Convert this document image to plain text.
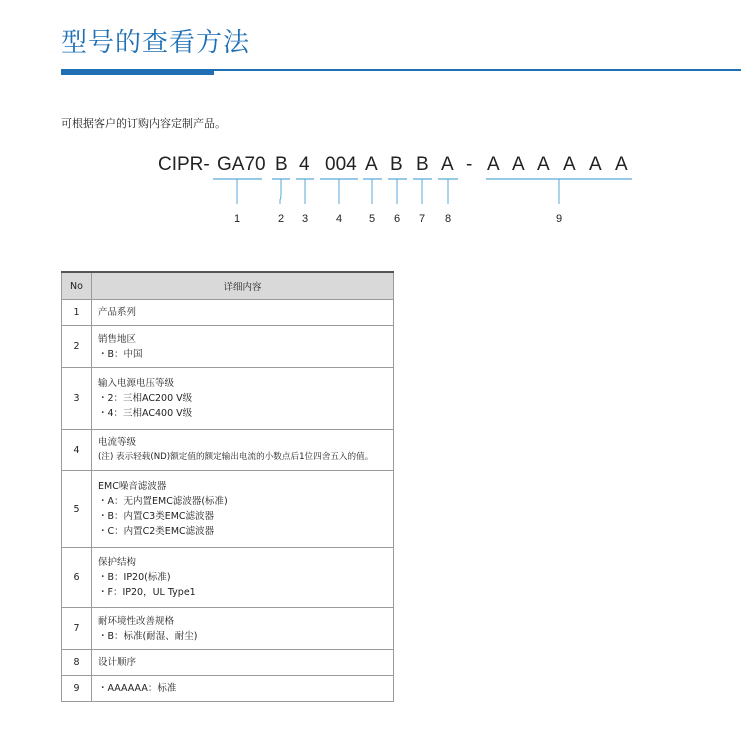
型号的查看方法
可根据客户的订购内容定制产品。
CIPR- GA70 B 4 004 A B B A - A A A A A A
1	2 3	4 5 6 7 8	9
No	详细内容
1	产品系列

2	销售地区
・B：中国

3	输入电源电压等级
・2：三相AC200 V级
・4：三相AC400 V级

4	电流等级
(注) 表示轻载(ND)额定值的额定输出电流的小数点后1位四舍五入的值。

5	EMC噪音滤波器
・A：无内置EMC滤波器(标准)
・B：内置C3类EMC滤波器
・C：内置C2类EMC滤波器

6	保护结构
・B：IP20(标准)
・F：IP20，UL Type1

7	耐环境性改善规格
・B：标准(耐湿、耐尘)

8	设计顺序

9	・AAAAAA：标准
